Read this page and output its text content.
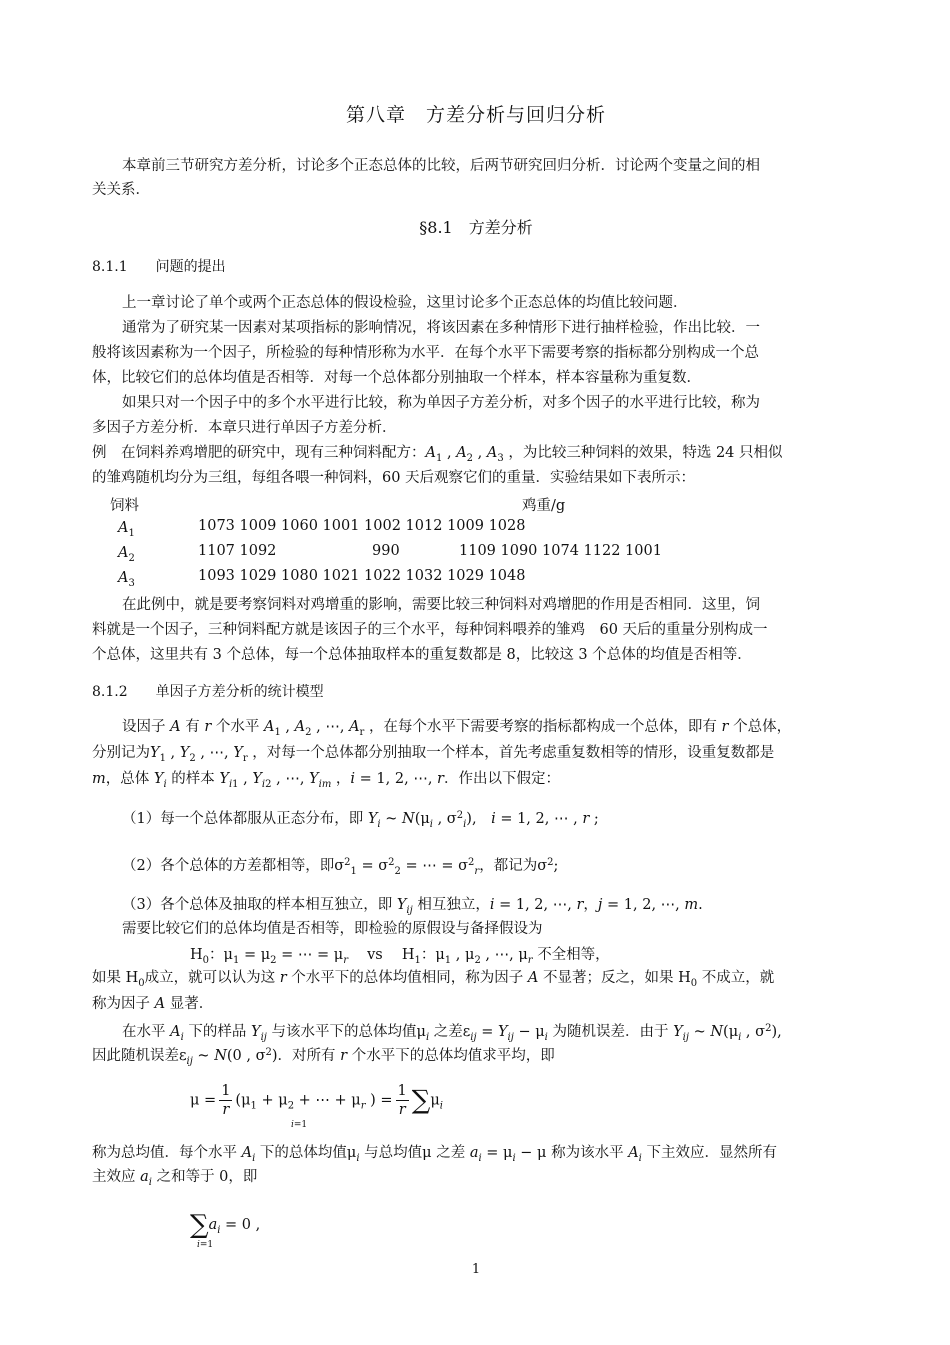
第八章　方差分析与回归分析
本章前三节研究方差分析，讨论多个正态总体的比较，后两节研究回归分析．讨论两个变量之间的相
关关系．
§8.1　方差分析
8.1.1　　问题的提出
上一章讨论了单个或两个正态总体的假设检验，这里讨论多个正态总体的均值比较问题．
通常为了研究某一因素对某项指标的影响情况，将该因素在多种情形下进行抽样检验，作出比较．一
般将该因素称为一个因子，所检验的每种情形称为水平．在每个水平下需要考察的指标都分别构成一个总
体，比较它们的总体均值是否相等．对每一个总体都分别抽取一个样本，样本容量称为重复数．
如果只对一个因子中的多个水平进行比较，称为单因子方差分析，对多个因子的水平进行比较，称为
多因子方差分析．本章只进行单因子方差分析．
例　在饲料养鸡增肥的研究中，现有三种饲料配方：$A_1$ , $A_2$ , $A_3$ ，为比较三种饲料的效果，特选 24 只相似
的雏鸡随机均分为三组，每组各喂一种饲料，60 天后观察它们的重量．实验结果如下表所示：
饲料	鸡重/g
$A_1$	1073 1009 1060 1001 1002 1012 1009 1028
$A_2$	1107 1092	990	1109 1090 1074 1122 1001
$A_3$	1093 1029 1080 1021 1022 1032 1029 1048
在此例中，就是要考察饲料对鸡增重的影响，需要比较三种饲料对鸡增肥的作用是否相同．这里，饲
料就是一个因子，三种饲料配方就是该因子的三个水平，每种饲料喂养的雏鸡　60 天后的重量分别构成一
个总体，这里共有 3 个总体，每一个总体抽取样本的重复数都是 8，比较这 3 个总体的均值是否相等．
8.1.2　　单因子方差分析的统计模型
设因子 A 有 r 个水平 $A_1$ , $A_2$ , ⋯, $A_r$ ，在每个水平下需要考察的指标都构成一个总体，即有 r 个总体，
分别记为$Y_1$ , $Y_2$ , ⋯, $Y_r$ ，对每一个总体都分别抽取一个样本，首先考虑重复数相等的情形，设重复数都是
m，总体 $Y_i$ 的样本 $Y_{i1}$ , $Y_{i2}$ , ⋯, $Y_{im}$ ，i = 1, 2, ⋯, r．作出以下假定：
（1）每一个总体都服从正态分布，即 $Y_i$ ~ $N(\mu_i$ , $\sigma^2_i$),　i = 1, 2, ⋯ , r ;
（2）各个总体的方差都相等，即$\sigma^2_1 = \sigma^2_2$ = ⋯ = $\sigma^2_r$，都记为$\sigma^2$;
（3）各个总体及抽取的样本相互独立，即 $Y_{ij}$ 相互独立，i = 1, 2, ⋯, r，j = 1, 2, ⋯, m.
需要比较它们的总体均值是否相等，即检验的原假设与备择假设为
$H_0$：$\mu_1 = \mu_2$ = ⋯ = $\mu_r$　 vs　 $H_1$：$\mu_1$ , $\mu_2$ , ⋯, $\mu_r$ 不全相等，
如果 $H_0$成立，就可以认为这 r 个水平下的总体均值相同，称为因子 A 不显著；反之，如果 $H_0$ 不成立，就
称为因子 A 显著．
在水平 $A_i$ 下的样品 $Y_{ij}$ 与该水平下的总体均值$\mu_i$ 之差$\varepsilon_{ij} = Y_{ij} - \mu_i$ 为随机误差．由于 $Y_{ij}$ ~ $N(\mu_i$ , $\sigma^2$),
因此随机误差$\varepsilon_{ij}$ ~ N(0 , $\sigma^2$)．对所有 r 个水平下的总体均值求平均，即
$\mu = \frac{1}{r} (\mu_1 + \mu_2$ + ⋯ + $\mu_r$ ) = $\frac{1}{r} \sum\mu_i$
i=1
称为总均值．每个水平 $A_i$ 下的总体均值$\mu_i$ 与总均值μ 之差 $a_i = \mu_i - \mu$ 称为该水平 $A_i$ 下主效应．显然所有
主效应 $a_i$ 之和等于 0，即
$\sum a_i = 0$ ,
i=1
1
